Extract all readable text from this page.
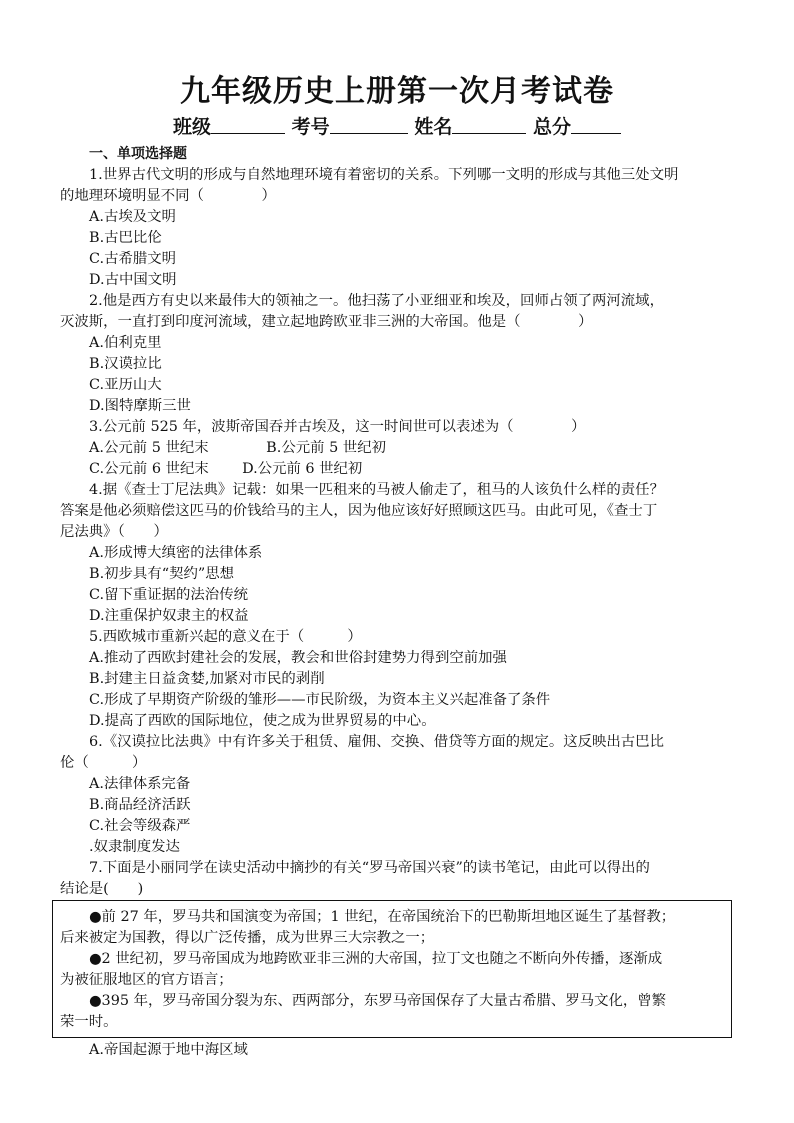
九年级历史上册第一次月考试卷
班级	考号	姓名	总分
一、单项选择题
1.世界古代文明的形成与自然地理环境有着密切的关系。下列哪一文明的形成与其他三处文明
的地理环境明显不同（　　　　）
A.古埃及文明
B.古巴比伦
C.古希腊文明
D.古中国文明
2.他是西方有史以来最伟大的领袖之一。他扫荡了小亚细亚和埃及，回师占领了两河流域，
灭波斯，一直打到印度河流域，建立起地跨欧亚非三洲的大帝国。他是（　　　　）
A.伯利克里
B.汉谟拉比
C.亚历山大
D.图特摩斯三世
3.公元前 525 年，波斯帝国吞并古埃及，这一时间世可以表述为（　　　　）
A.公元前 5 世纪末　　　　B.公元前 5 世纪初
C.公元前 6 世纪末　　 D.公元前 6 世纪初
4.据《查士丁尼法典》记载：如果一匹租来的马被人偷走了，租马的人该负什么样的责任？
答案是他必须赔偿这匹马的价钱给马的主人，因为他应该好好照顾这匹马。由此可见，《查士丁
尼法典》（　　）
A.形成博大缜密的法律体系
B.初步具有“契约”思想
C.留下重证据的法治传统
D.注重保护奴隶主的权益
5.西欧城市重新兴起的意义在于（　　　）
A.推动了西欧封建社会的发展，教会和世俗封建势力得到空前加强
B.封建主日益贪婪,加紧对市民的剥削
C.形成了早期资产阶级的雏形——市民阶级，为资本主义兴起准备了条件
D.提高了西欧的国际地位，使之成为世界贸易的中心。
6.《汉谟拉比法典》中有许多关于租赁、雇佣、交换、借贷等方面的规定。这反映出古巴比
伦（　　　）
A.法律体系完备
B.商品经济活跃
C.社会等级森严
.奴隶制度发达
7.下面是小丽同学在读史活动中摘抄的有关“罗马帝国兴衰”的读书笔记，由此可以得出的
结论是(　　)
●前 27 年，罗马共和国演变为帝国；1 世纪，在帝国统治下的巴勒斯坦地区诞生了基督教；
后来被定为国教，得以广泛传播，成为世界三大宗教之一；
●2 世纪初，罗马帝国成为地跨欧亚非三洲的大帝国，拉丁文也随之不断向外传播，逐渐成
为被征服地区的官方语言；
●395 年，罗马帝国分裂为东、西两部分，东罗马帝国保存了大量古希腊、罗马文化，曾繁
荣一时。
A.帝国起源于地中海区域
